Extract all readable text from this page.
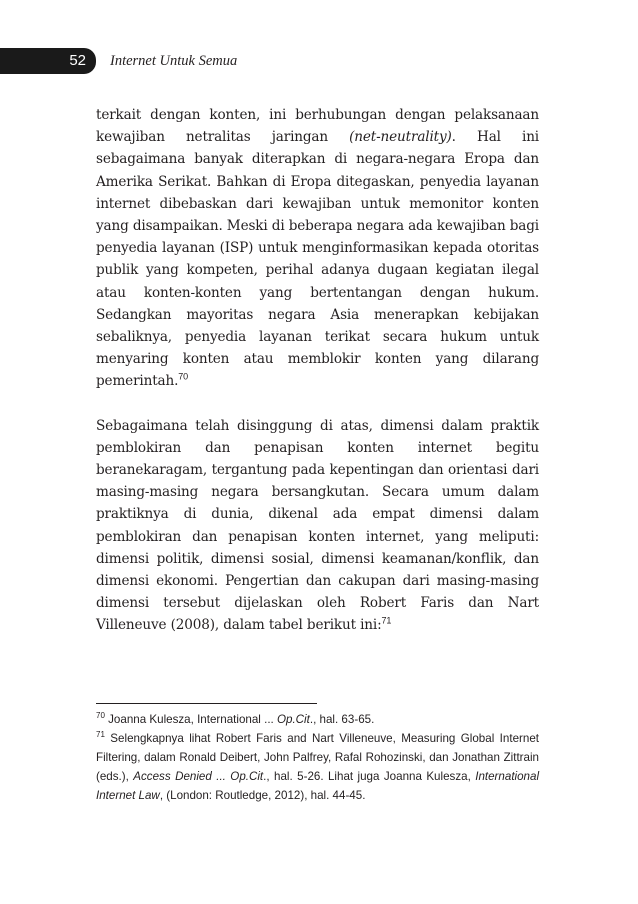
52 Internet Untuk Semua

terkait dengan konten, ini berhubungan dengan pelaksanaan kewajiban netralitas jaringan (net-neutrality). Hal ini sebagaimana banyak diterapkan di negara-negara Eropa dan Amerika Serikat. Bahkan di Eropa ditegaskan, penyedia layanan internet dibebaskan dari kewajiban untuk memonitor konten yang disampaikan. Meski di beberapa negara ada kewajiban bagi penyedia layanan (ISP) untuk menginformasikan kepada otoritas publik yang kompeten, perihal adanya dugaan kegiatan ilegal atau konten-konten yang bertentangan dengan hukum. Sedangkan mayoritas negara Asia menerapkan kebijakan sebaliknya, penyedia layanan terikat secara hukum untuk menyaring konten atau memblokir konten yang dilarang pemerintah.$^{70}$

Sebagaimana telah disinggung di atas, dimensi dalam praktik pemblokiran dan penapisan konten internet begitu beranekaragam, tergantung pada kepentingan dan orientasi dari masing-masing negara bersangkutan. Secara umum dalam praktiknya di dunia, dikenal ada empat dimensi dalam pemblokiran dan penapisan konten internet, yang meliputi: dimensi politik, dimensi sosial, dimensi keamanan/konflik, dan dimensi ekonomi. Pengertian dan cakupan dari masing-masing dimensi tersebut dijelaskan oleh Robert Faris dan Nart Villeneuve (2008), dalam tabel berikut ini:$^{71}$

$^{70}$ Joanna Kulesza, International ... Op.Cit., hal. 63-65.

$^{71}$ Selengkapnya lihat Robert Faris and Nart Villeneuve, Measuring Global Internet Filtering, dalam Ronald Deibert, John Palfrey, Rafal Rohozinski, dan Jonathan Zittrain (eds.), Access Denied ... Op.Cit., hal. 5-26. Lihat juga Joanna Kulesza, International Internet Law, (London: Routledge, 2012), hal. 44-45.
